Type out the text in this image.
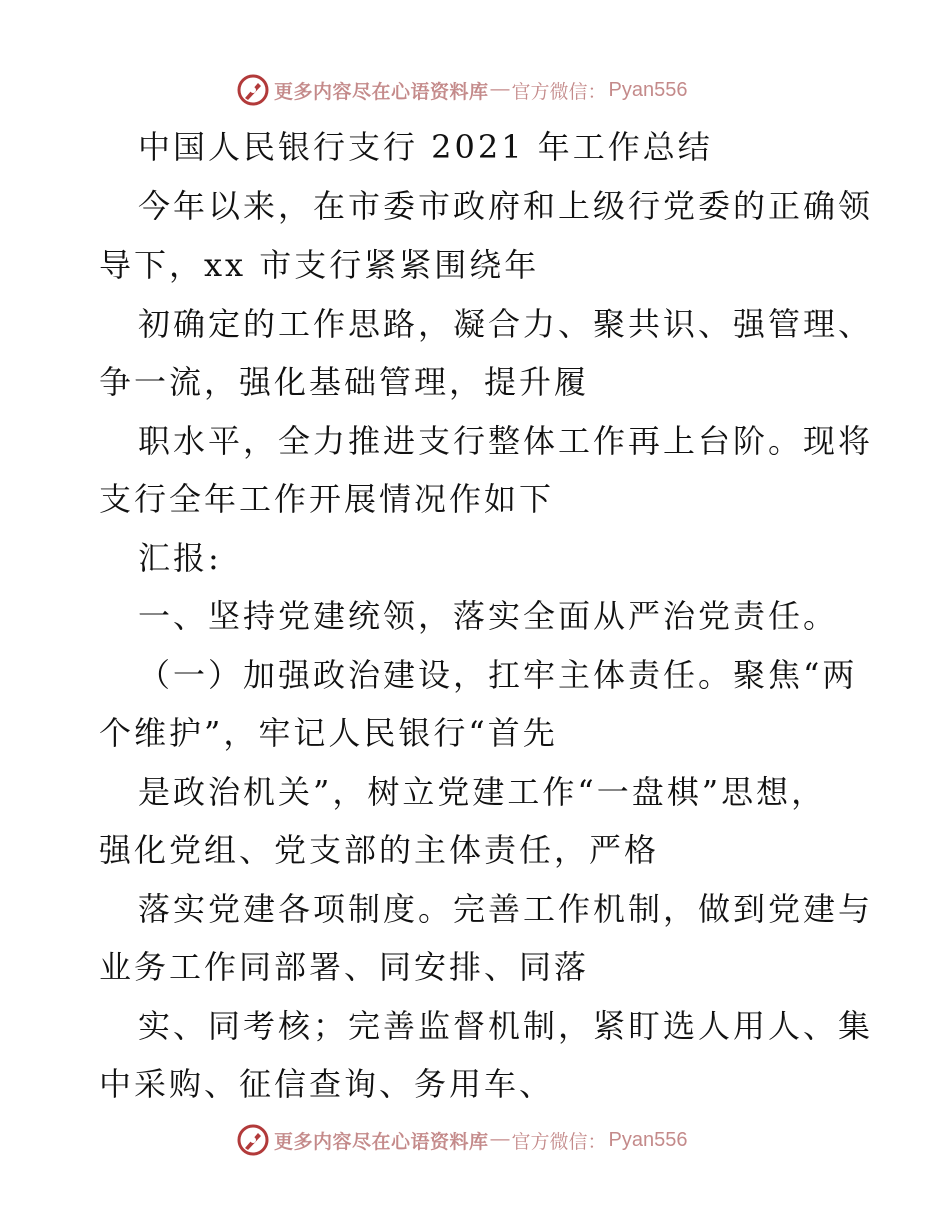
更多内容尽在心语资料库 — 官方微信： Pyan556

中国人民银行支行 2021 年工作总结

今年以来，在市委市政府和上级行党委的正确领

导下，xx 市支行紧紧围绕年

初确定的工作思路，凝合力、聚共识、强管理、

争一流，强化基础管理，提升履

职水平，全力推进支行整体工作再上台阶。现将

支行全年工作开展情况作如下

汇报:

一、坚持党建统领，落实全面从严治党责任。

（一）加强政治建设，扛牢主体责任。聚焦“两

个维护”，牢记人民银行“首先

是政治机关”，树立党建工作“一盘棋”思想，

强化党组、党支部的主体责任，严格

落实党建各项制度。完善工作机制，做到党建与

业务工作同部署、同安排、同落

实、同考核；完善监督机制，紧盯选人用人、集

中采购、征信查询、务用车、

更多内容尽在心语资料库 — 官方微信： Pyan556
